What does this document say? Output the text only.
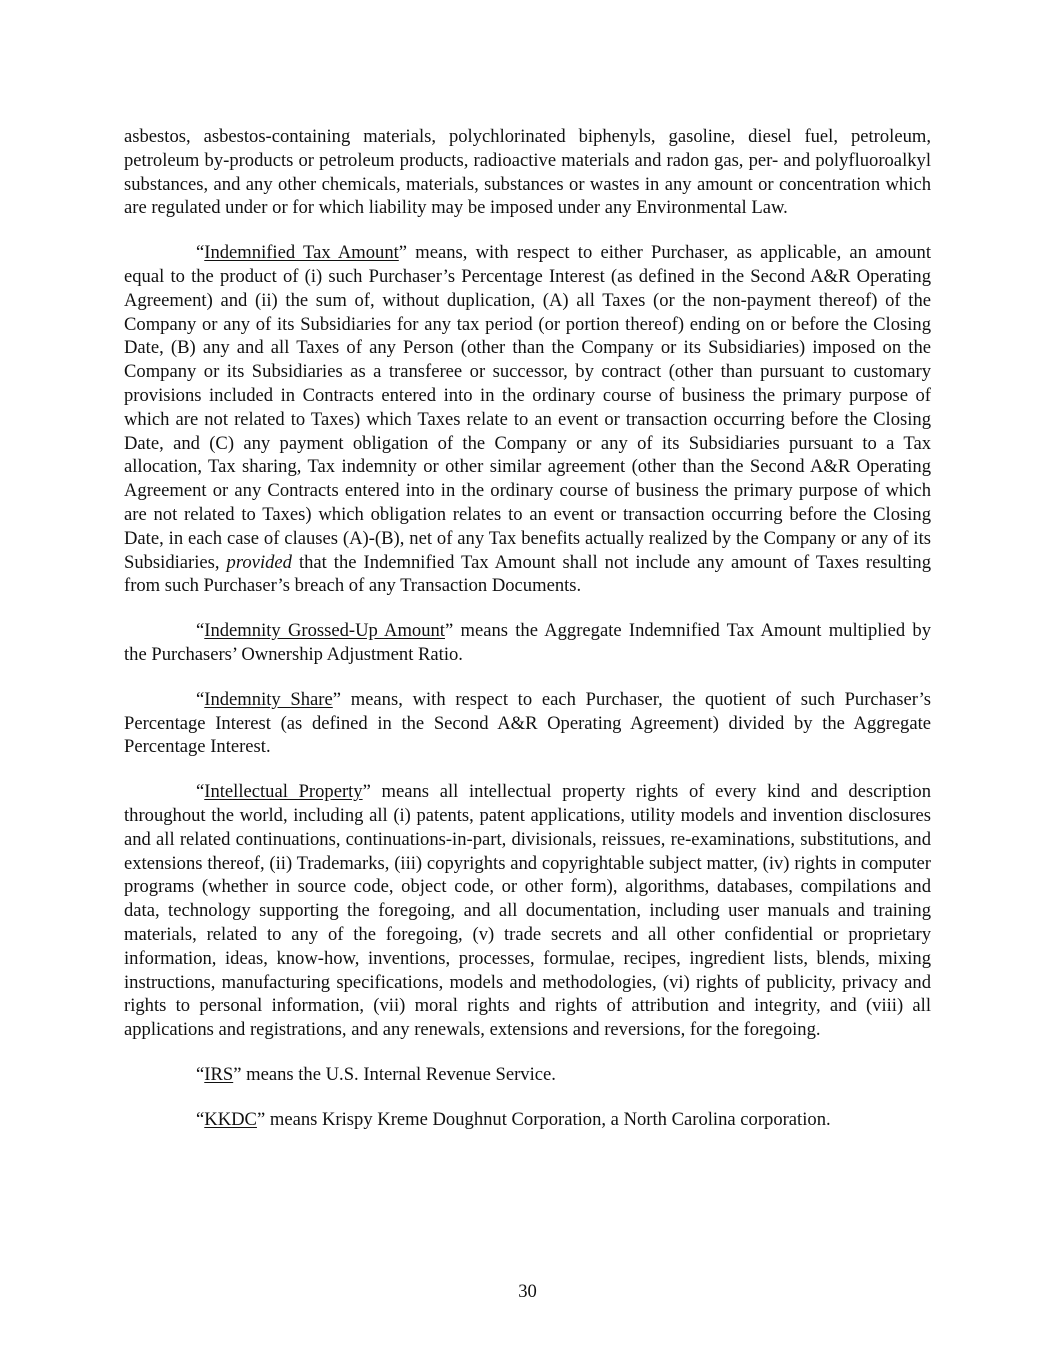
asbestos, asbestos-containing materials, polychlorinated biphenyls, gasoline, diesel fuel, petroleum, petroleum by-products or petroleum products, radioactive materials and radon gas, per- and polyfluoroalkyl substances, and any other chemicals, materials, substances or wastes in any amount or concentration which are regulated under or for which liability may be imposed under any Environmental Law.

“Indemnified Tax Amount” means, with respect to either Purchaser, as applicable, an amount equal to the product of (i) such Purchaser’s Percentage Interest (as defined in the Second A&R Operating Agreement) and (ii) the sum of, without duplication, (A) all Taxes (or the non-payment thereof) of the Company or any of its Subsidiaries for any tax period (or portion thereof) ending on or before the Closing Date, (B) any and all Taxes of any Person (other than the Company or its Subsidiaries) imposed on the Company or its Subsidiaries as a transferee or successor, by contract (other than pursuant to customary provisions included in Contracts entered into in the ordinary course of business the primary purpose of which are not related to Taxes) which Taxes relate to an event or transaction occurring before the Closing Date, and (C) any payment obligation of the Company or any of its Subsidiaries pursuant to a Tax allocation, Tax sharing, Tax indemnity or other similar agreement (other than the Second A&R Operating Agreement or any Contracts entered into in the ordinary course of business the primary purpose of which are not related to Taxes) which obligation relates to an event or transaction occurring before the Closing Date, in each case of clauses (A)-(B), net of any Tax benefits actually realized by the Company or any of its Subsidiaries, provided that the Indemnified Tax Amount shall not include any amount of Taxes resulting from such Purchaser’s breach of any Transaction Documents.

“Indemnity Grossed-Up Amount” means the Aggregate Indemnified Tax Amount multiplied by the Purchasers’ Ownership Adjustment Ratio.

“Indemnity Share” means, with respect to each Purchaser, the quotient of such Purchaser’s Percentage Interest (as defined in the Second A&R Operating Agreement) divided by the Aggregate Percentage Interest.

“Intellectual Property” means all intellectual property rights of every kind and description throughout the world, including all (i) patents, patent applications, utility models and invention disclosures and all related continuations, continuations-in-part, divisionals, reissues, re-examinations, substitutions, and extensions thereof, (ii) Trademarks, (iii) copyrights and copyrightable subject matter, (iv) rights in computer programs (whether in source code, object code, or other form), algorithms, databases, compilations and data, technology supporting the foregoing, and all documentation, including user manuals and training materials, related to any of the foregoing, (v) trade secrets and all other confidential or proprietary information, ideas, know-how, inventions, processes, formulae, recipes, ingredient lists, blends, mixing instructions, manufacturing specifications, models and methodologies, (vi) rights of publicity, privacy and rights to personal information, (vii) moral rights and rights of attribution and integrity, and (viii) all applications and registrations, and any renewals, extensions and reversions, for the foregoing.

“IRS” means the U.S. Internal Revenue Service.

“KKDC” means Krispy Kreme Doughnut Corporation, a North Carolina corporation.

30
